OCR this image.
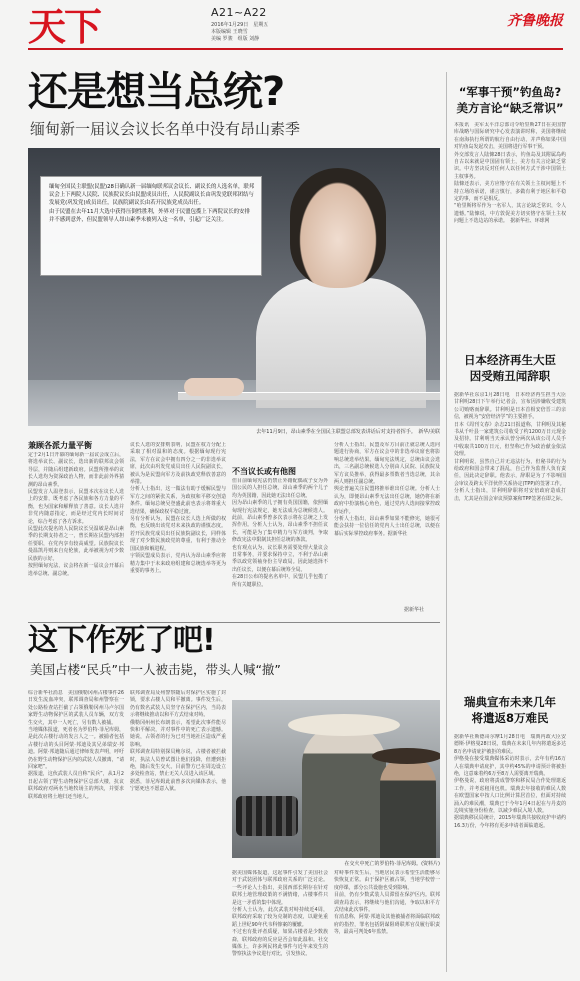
天下	A21~A22
2016年1月29日　星期五
本版编辑 王晓雪
美编 罗骏　组版 刘静
齐鲁晚报
还是想当总统?
缅甸新一届议会议长名单中没有昂山素季
缅甸全国民主联盟(民盟)28日确认新一届缅甸联邦议会议长、副议长的人选名单，联邦议会上下两院人民院、民族院议长由民盟成员出任，人民院副议长由巩发党联邦团结与发展党(巩发党)成员出任，民族院副议长由若开民族党成员出任。
由于民盟在去年11月大选中获得压倒性胜利，外界对于民盟包揽上下两院议长的安排并不感到意外，但民盟领导人昂山素季未被列入这一名单，引起广泛关注。
去年11月9日，昂山素季在全国民主联盟总部发表讲话后对支持者挥手。　新华/美联
兼顾各派力量平衡
定于2月1日开幕的缅甸新一届议会成立后，将选举议长、副议长，选出新的联邦议会领导层，并随后组建新政府。民盟所推举的议长人选均为资深政治人物，而非此前外界猜测的昂山素季。
民盟发言人温登表示，民盟本次在议长人选上的安排，既考虑了各民族和各方力量的平衡，也为国家和解释放了善意。议长人选并非党内随意指定，而是经过党内长时间讨论，综合考虑了各方诉求。
民盟此次提名的人民院议长吴温敏是昂山素季的长期支持者之一，曾长期在民盟内部担任要职，在党内享有较高威望。民族院议长曼温凯丹则来自克伦族，此举被视为对少数民族的示好。
按照缅甸宪法，议会将在新一届议会开幕后选举总统、副总统。
议长人选的安排则表明，民盟在权力分配上采取了相对温和的态度。根据缅甸现行宪法，军方在议会中拥有四分之一的非选举议席，此次由巩发党成员出任人民院副议长，被认为是民盟向军方及前执政党释放善意的举措。
分析人士指出，这一做法有助于缓解民盟与军方之间的紧张关系，为政权和平移交创造条件。缅甸总统吴登盛此前也表示将尊重大选结果，确保政权平稳过渡。
另有分析认为，民盟在议长人选上所做的权衡，也反映出该党对未来执政的谨慎态度。若开民族党成员出任民族院副议长，同样体现了对少数民族政党的尊重，有利于推动全国民族和解进程。
宇领民盟成员表示，党内认为昂山素季应将精力集中于未来政府组建和总统选举等更为重要的事务上。
不当议长或有他图
但目前缅甸宪法仍禁止外籍配偶或子女为外国公民的人担任总统，昂山素季的两个儿子均为英国籍，因此她无法出任总统。
因为昂山素季的儿子拥有英国国籍，依照缅甸现行宪法规定，她无法成为总统候选人。此前，昂山素季曾多次表示将在总统之上发挥作用。分析人士认为，昂山素季不担任议长，可能是为了集中精力与军方谈判，争取修改宪法中限制其担任总统的条款。
也有观点认为，议长职务需要处理大量议会日常事务，并要求保持中立，不利于昂山素季以政党领袖身份主导政局。因此她选择不出任议长，以便在幕后统筹全局。
在28日公布的提名名单中，民盟几乎包揽了所有关键职位。
分析人士指出，民盟及军方目前正就总统人选问题进行协商，军方在议会中的非选举议席也将影响总统选举结果。缅甸宪法规定，总统由议会选出，三名副总统候选人分别由人民院、民族院及军方议员推举，获得最多票数者当选总统，其余两人则担任副总统。
舆论普遍关注民盟将推举谁出任总统。分析人士认为，即便昂山素季无法出任总统，她仍将在新政府中扮演核心角色，通过党内人选间接掌控政府运作。
分析人士指出，昂山素季如果不能修宪，她很可能会扶持一位信任的党内人士出任总统，以便在幕后实际掌控政府事务。据新华社
据新华社
“军事干预”钓鱼岛?
美方言论“缺乏常识”
本报讯　美军太平洋总部司令哈里斯27日在美国智库战略与国际研究中心发表演讲时称，美国将继续在南海执行所谓的航行自由行动，并声称如果中国对钓鱼岛发起攻击，美国将进行军事干预。
外交部发言人陆慷28日表示，钓鱼岛及其附属岛屿自古以来就是中国固有领土，美方有关言论缺乏常识。中方坚决反对任何人以任何方式干涉中国领土主权事务。
陆慷还表示，美方应恪守在有关领土主权问题上不持立场的承诺，谨言慎行，多做有利于地区和平稳定的事，而不是相反。
“哈里斯将军作为一名军人，其言论缺乏常识，令人遗憾。”陆慷说，中方敦促美方切实恪守在领土主权问题上不选边站的承诺。　据新华社、环球网
日本经济再生大臣
因受贿丑闻辞职
据新华社东京1月28日电　日本经济再生担当大臣甘利明28日下午举行记者会，宣布因涉嫌收受建筑公司贿赂而辞职。甘利明是日本首相安倍晋三的亲信，被视为“安倍经济学”的主要推手。
日本《周刊文春》杂志21日报道称，甘利明及其秘书从千叶县一家建筑公司收受了约1200万日元现金及招待。甘利明当天承认曾分两次从该公司人员手中收取共100万日元，但坚称已作为政治献金依法处理。
甘利明说，虽然自己并无违法行为，但秘书的行为给政府和国会带来了混乱，自己作为监督人负有责任，因此决定辞职。他表示，辞职是为了不影响国会审议及跨太平洋伙伴关系协定(TPP)的签署工作。
分析人士指出，甘利明辞职将对安倍政府造成打击，尤其是在国会审议预算案和TPP签署在即之际。
瑞典宣布未来几年
将遣返8万难民
据新华社斯德哥尔摩1月28日电　瑞典内政大臣安德斯·伊格曼28日说，瑞典在未来几年内将遣返多达8万名申请庇护被拒的难民。
伊格曼在接受瑞典媒体采访时表示，去年有约16万人在瑞典申请庇护，其中约45%的申请预计将被拒绝，这意味着约6万至8万人需要离开瑞典。
伊格曼说，政府将责成警察和移民局合作处理遣返工作，并考虑租用包机。瑞典去年接收的难民人数在欧盟国家中按人口比例计算居首位，但面对持续涌入的难民潮，瑞典已于今年1月4日起在与丹麦的边境实施身份检查，以减少难民入境人数。
据瑞典移民局统计，2015年瑞典共接收庇护申请约16.3万份，今年将有更多申请者面临遣返。
这下作死了吧!
美国占楼“民兵”中一人被击毙，带头人喊“撤”
综合新华社消息　美国俄勒冈州占楼事件26日发生流血冲突，联邦调查局和州警察在一处公路检查站拦截了占领俄勒冈州马卢尔国家野生动物保护区的武装人员车辆，双方发生交火，其中一人死亡，另有数人被捕。
当地媒体报道，死者名为罗伯特·菲尼库姆，是此次占楼行动的发言人之一。被捕者包括占楼行动的头目阿蒙·邦迪及其兄弟瑞安·邦迪。阿蒙·邦迪随后通过律师发表声明，呼吁仍在野生动物保护区内的武装人员撤离，“请回家吧”。
据报道，这伙武装人员自称“民兵”，从1月2日起占领了野生动物保护区总部大楼，抗议联邦政府对两名当地牧场主的判决，并要求联邦政府将土地归还当地人。
联邦调查局及州警察随后对保护区实施了封锁，要求占楼人员和平撤离。事件发生后，仍有数名武装人员坚守在保护区内，当局表示将继续推动以和平方式结束对峙。
俄勒冈州州长布朗表示，希望此次事件能尽快和平解决，并对事件中的死亡表示遗憾。她说，占领者的行为已对当地社区造成严重影响。
联邦调查局特别探员鲍尔说，占楼者被拦截时，执法人员曾试图让他们投降，但遭到拒绝，随后发生交火。目前警方已在周边设立多处检查站，禁止无关人员进入该区域。
据悉，菲尼库姆此前曾多次向媒体表示，他宁愿死也不愿意入狱。
在交火中死亡的罗伯特·菲尼库姆。(资料片)
据美国媒体报道，这起事件引发了美国社会对于武装团体与联邦政府关系的广泛讨论。一些评论人士指出，美国西部长期存在针对联邦土地管理政策的不满情绪，占楼事件只是这一矛盾的集中体现。
分析人士认为，此次武装对峙持续近4周，联邦政府采取了较为克制的态度，以避免重蹈上世纪90年代韦科惨案的覆辙。
不过也有批评者质疑，如果占楼者是少数族裔，联邦政府的反应是否会如此温和。社交媒体上，许多网民将此事件与近年来发生的警察执法争议进行对比，引发热议。
对峙事件发生后，当地居民表示希望生活能够尽快恢复正常。由于保护区被占领，当地学校曾一度停课，部分公共设施也受到影响。
目前，仍有少数武装人员滞留在保护区内。联邦调查局表示，将继续与他们沟通，争取以和平方式结束此次事件。
有消息称，阿蒙·邦迪及其他被捕者将面临联邦政府的指控，罪名包括阴谋阻碍联邦官员履行职责等，最高可判处6年监禁。
